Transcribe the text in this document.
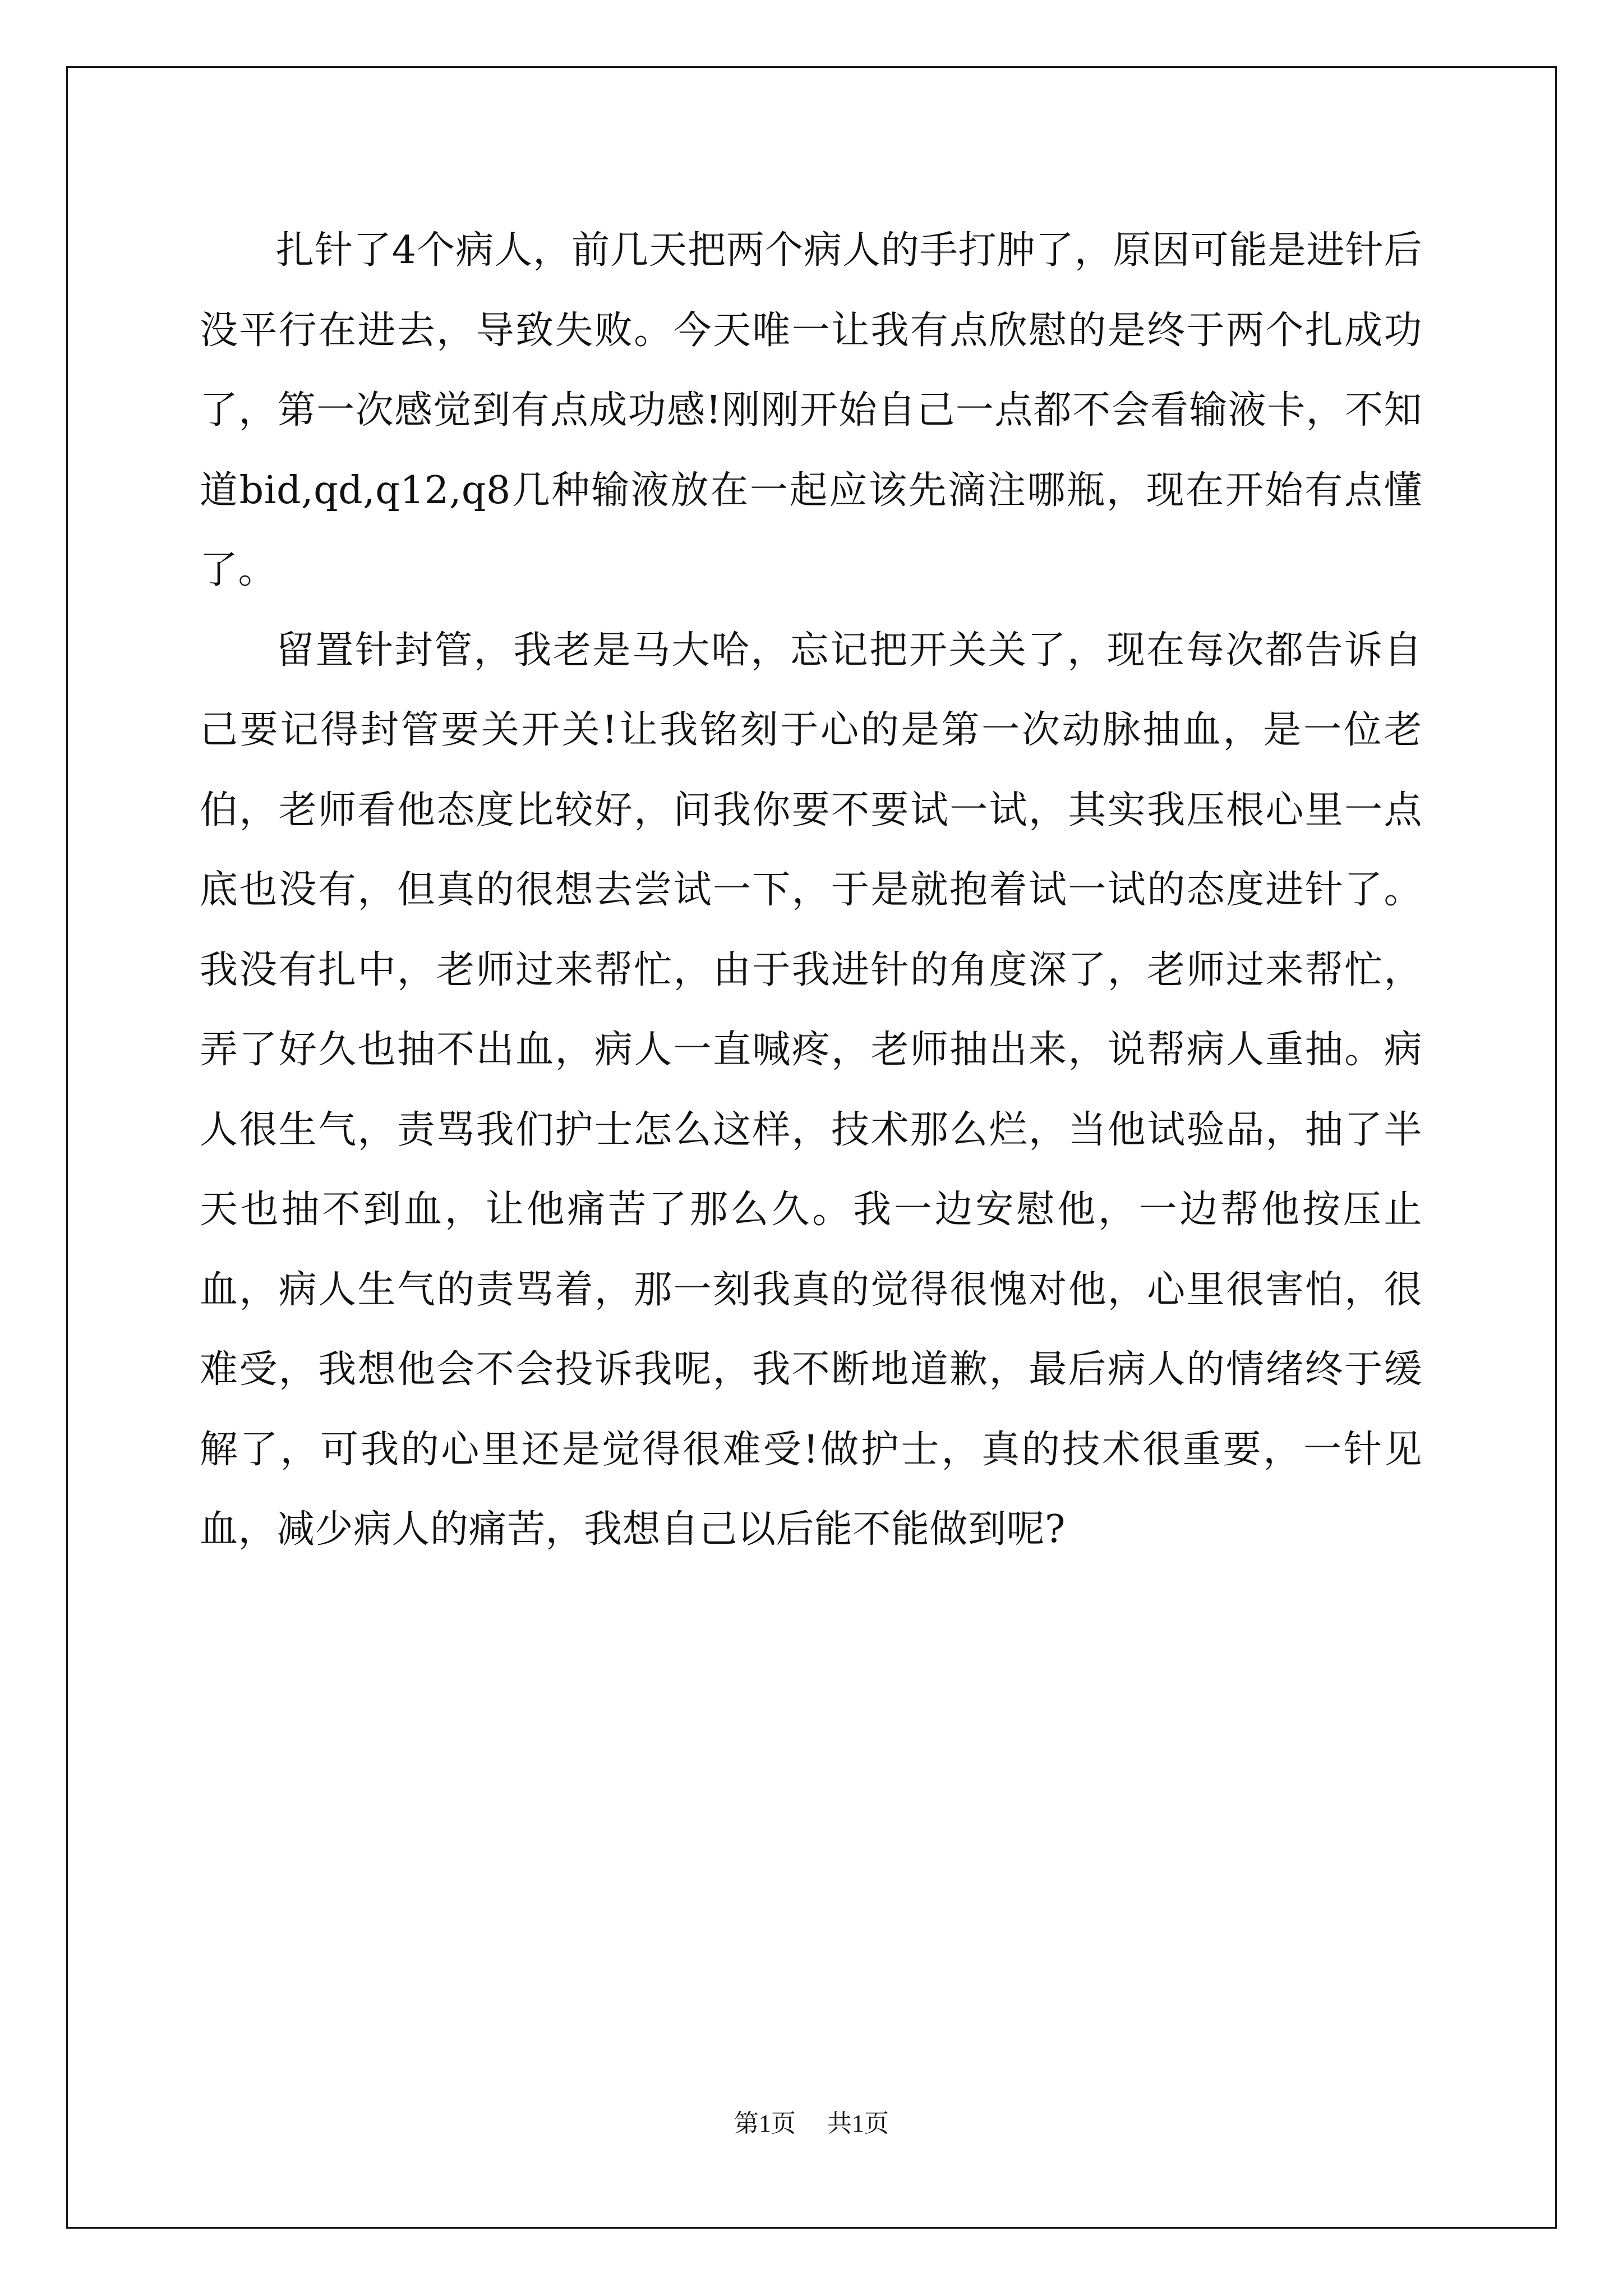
扎针了4个病人，前几天把两个病人的手打肿了，原因可能是进针后没平行在进去，导致失败。今天唯一让我有点欣慰的是终于两个扎成功了，第一次感觉到有点成功感!刚刚开始自己一点都不会看输液卡，不知道bid,qd,q12,q8几种输液放在一起应该先滴注哪瓶，现在开始有点懂了。

留置针封管，我老是马大哈，忘记把开关关了，现在每次都告诉自己要记得封管要关开关!让我铭刻于心的是第一次动脉抽血，是一位老伯，老师看他态度比较好，问我你要不要试一试，其实我压根心里一点底也没有，但真的很想去尝试一下，于是就抱着试一试的态度进针了。我没有扎中，老师过来帮忙，由于我进针的角度深了，老师过来帮忙，弄了好久也抽不出血，病人一直喊疼，老师抽出来，说帮病人重抽。病人很生气，责骂我们护士怎么这样，技术那么烂，当他试验品，抽了半天也抽不到血，让他痛苦了那么久。我一边安慰他，一边帮他按压止血，病人生气的责骂着，那一刻我真的觉得很愧对他，心里很害怕，很难受，我想他会不会投诉我呢，我不断地道歉，最后病人的情绪终于缓解了，可我的心里还是觉得很难受!做护士，真的技术很重要，一针见血，减少病人的痛苦，我想自己以后能不能做到呢?

第1页 共1页
